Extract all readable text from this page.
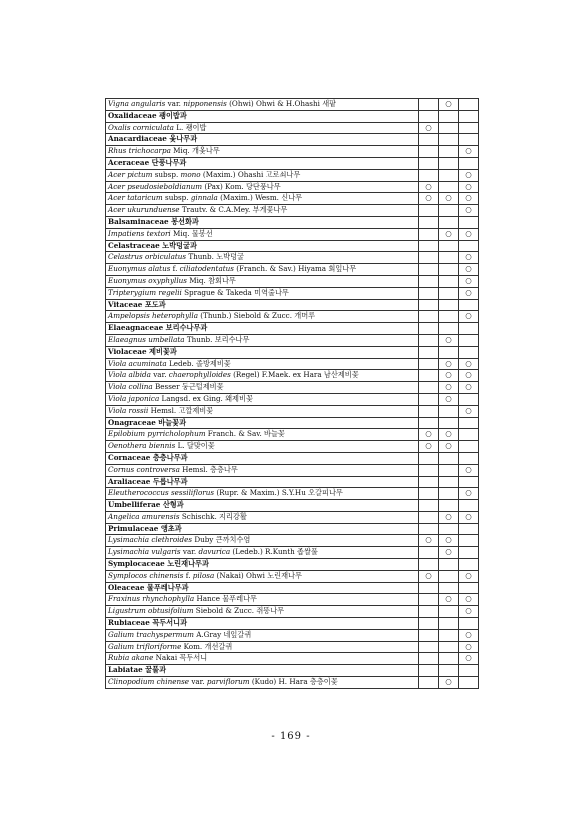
Vigna angularis var. nipponensis (Ohwi) Ohwi & H.Ohashi 새팥		○	
Oxalidaceae 괭이밥과			
Oxalis corniculata L. 괭이밥	○		
Anacardiaceae 옻나무과			
Rhus trichocarpa Miq. 개옻나무			○
Aceraceae 단풍나무과			
Acer pictum subsp. mono (Maxim.) Ohashi 고로쇠나무			○
Acer pseudosieboldianum (Pax) Kom. 당단풍나무	○		○
Acer tataricum subsp. ginnala (Maxim.) Wesm. 신나무	○	○	○
Acer ukurunduense Trautv. & C.A.Mey. 부게꽃나무			○
Balsaminaceae 봉선화과			
Impatiens textori Miq. 물봉선		○	○
Celastraceae 노박덩굴과			
Celastrus orbiculatus Thunb. 노박덩굴			○
Euonymus alatus f. ciliatodentatus (Franch. & Sav.) Hiyama 회잎나무			○
Euonymus oxyphyllus Miq. 참회나무			○
Tripterygium regelii Sprague & Takeda 미역줄나무			○
Vitaceae 포도과			
Ampelopsis heterophylla (Thunb.) Siebold & Zucc. 개머루			○
Elaeagnaceae 보리수나무과			
Elaeagnus umbellata Thunb. 보리수나무		○	
Violaceae 제비꽃과			
Viola acuminata Ledeb. 졸방제비꽃		○	○
Viola albida var. chaerophylloides (Regel) F.Maek. ex Hara 남산제비꽃		○	○
Viola collina Besser 둥근털제비꽃		○	○
Viola japonica Langsd. ex Ging. 왜제비꽃		○	
Viola rossii Hemsl. 고깔제비꽃			○
Onagraceae 바늘꽃과			
Epilobium pyrricholophum Franch. & Sav. 바늘꽃	○	○	
Oenothera biennis L. 달맞이꽃	○	○	
Cornaceae 층층나무과			
Cornus controversa Hemsl. 층층나무			○
Araliaceae 두릅나무과			
Eleutherococcus sessiliflorus (Rupr. & Maxim.) S.Y.Hu 오갈피나무			○
Umbelliferae 산형과			
Angelica amurensis Schischk. 지리강활		○	○
Primulaceae 앵초과			
Lysimachia clethroides Duby 큰까치수염	○	○	
Lysimachia vulgaris var. davurica (Ledeb.) R.Kunth 좁쌀풀		○	
Symplocaceae 노린재나무과			
Symplocos chinensis f. pilosa (Nakai) Ohwi 노린재나무	○		○
Oleaceae 물푸레나무과			
Fraxinus rhynchophylla Hance 물푸레나무		○	○
Ligustrum obtusifolium Siebold & Zucc. 쥐똥나무			○
Rubiaceae 꼭두서니과			
Galium trachyspermum A.Gray 네잎갈퀴			○
Galium trifloriforme Kom. 개선갈퀴			○
Rubia akane Nakai 꼭두서니			○
Labiatae 꿀풀과			
Clinopodium chinense var. parviflorum (Kudo) H. Hara 층층이꽃		○	
- 169 -
